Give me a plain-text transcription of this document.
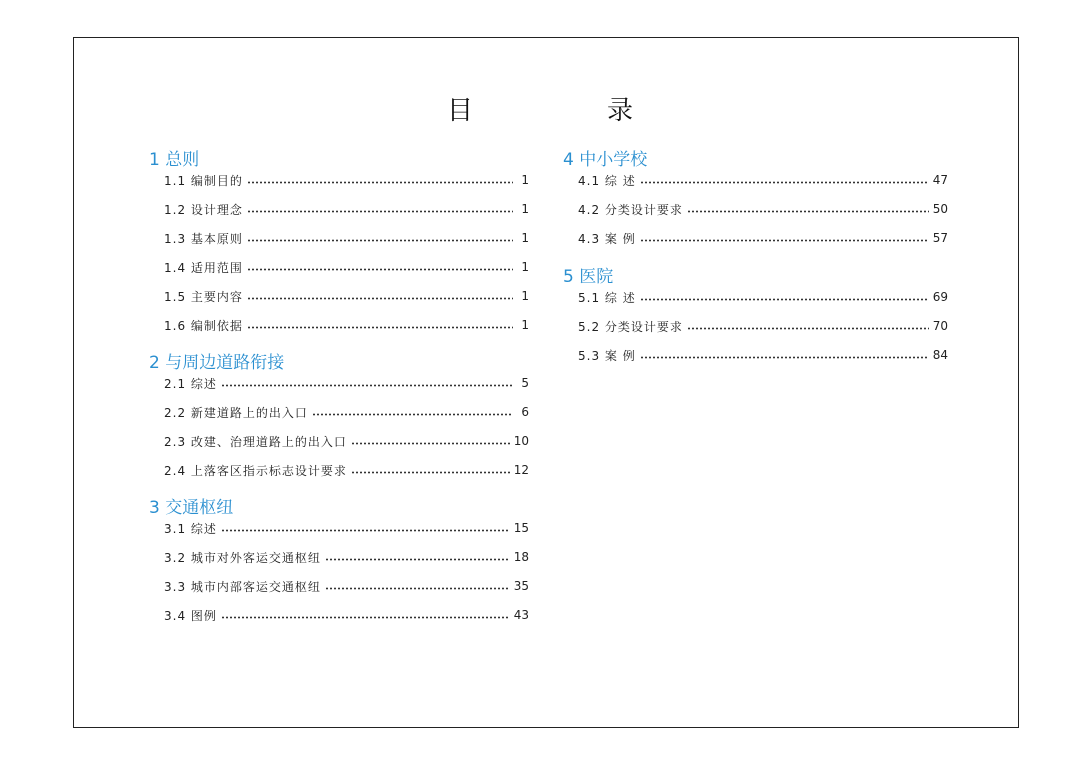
目　录
1 总则
1.1 编制目的	1
1.2 设计理念	1
1.3 基本原则	1
1.4 适用范围	1
1.5 主要内容	1
1.6 编制依据	1
2 与周边道路衔接
2.1 综述	5
2.2 新建道路上的出入口	6
2.3 改建、治理道路上的出入口	10
2.4 上落客区指示标志设计要求	12
3 交通枢纽
3.1 综述	15
3.2 城市对外客运交通枢纽	18
3.3 城市内部客运交通枢纽	35
3.4 图例	43
4 中小学校
4.1 综 述	47
4.2 分类设计要求	50
4.3 案 例	57
5 医院
5.1 综 述	69
5.2 分类设计要求	70
5.3 案 例	84
